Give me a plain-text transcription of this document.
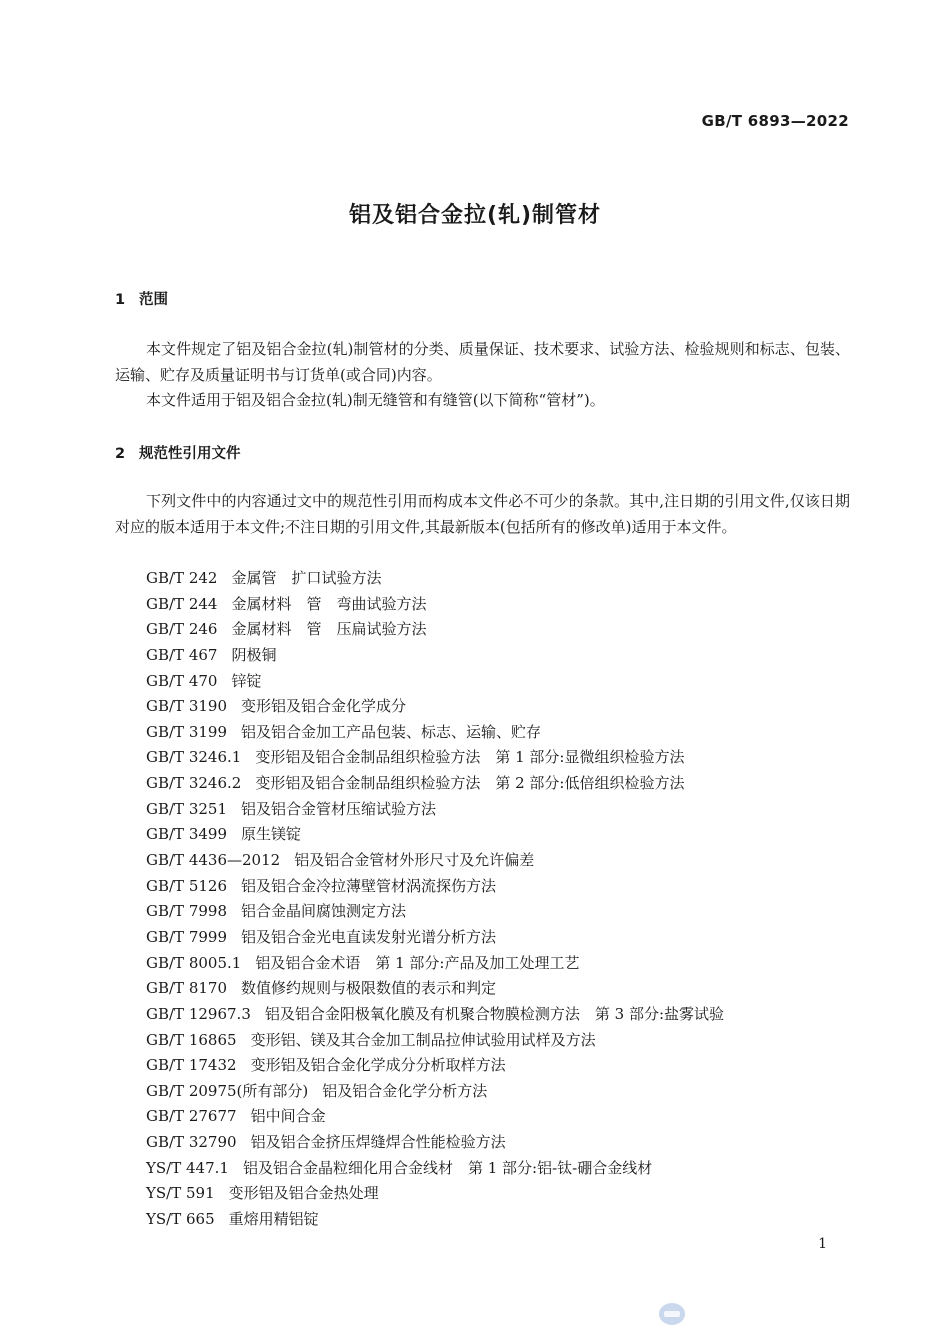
GB/T 6893—2022
铝及铝合金拉(轧)制管材
1 范围
本文件规定了铝及铝合金拉(轧)制管材的分类、质量保证、技术要求、试验方法、检验规则和标志、包装、运输、贮存及质量证明书与订货单(或合同)内容。
本文件适用于铝及铝合金拉(轧)制无缝管和有缝管(以下简称“管材”)。
2 规范性引用文件
下列文件中的内容通过文中的规范性引用而构成本文件必不可少的条款。其中,注日期的引用文件,仅该日期对应的版本适用于本文件;不注日期的引用文件,其最新版本(包括所有的修改单)适用于本文件。
GB/T 242 金属管　扩口试验方法
GB/T 244 金属材料　管　弯曲试验方法
GB/T 246 金属材料　管　压扁试验方法
GB/T 467 阴极铜
GB/T 470 锌锭
GB/T 3190 变形铝及铝合金化学成分
GB/T 3199 铝及铝合金加工产品包装、标志、运输、贮存
GB/T 3246.1 变形铝及铝合金制品组织检验方法　第 1 部分:显微组织检验方法
GB/T 3246.2 变形铝及铝合金制品组织检验方法　第 2 部分:低倍组织检验方法
GB/T 3251 铝及铝合金管材压缩试验方法
GB/T 3499 原生镁锭
GB/T 4436—2012 铝及铝合金管材外形尺寸及允许偏差
GB/T 5126 铝及铝合金冷拉薄壁管材涡流探伤方法
GB/T 7998 铝合金晶间腐蚀测定方法
GB/T 7999 铝及铝合金光电直读发射光谱分析方法
GB/T 8005.1 铝及铝合金术语　第 1 部分:产品及加工处理工艺
GB/T 8170 数值修约规则与极限数值的表示和判定
GB/T 12967.3 铝及铝合金阳极氧化膜及有机聚合物膜检测方法　第 3 部分:盐雾试验
GB/T 16865 变形铝、镁及其合金加工制品拉伸试验用试样及方法
GB/T 17432 变形铝及铝合金化学成分分析取样方法
GB/T 20975(所有部分) 铝及铝合金化学分析方法
GB/T 27677 铝中间合金
GB/T 32790 铝及铝合金挤压焊缝焊合性能检验方法
YS/T 447.1 铝及铝合金晶粒细化用合金线材　第 1 部分:铝-钛-硼合金线材
YS/T 591 变形铝及铝合金热处理
YS/T 665 重熔用精铝锭
1
